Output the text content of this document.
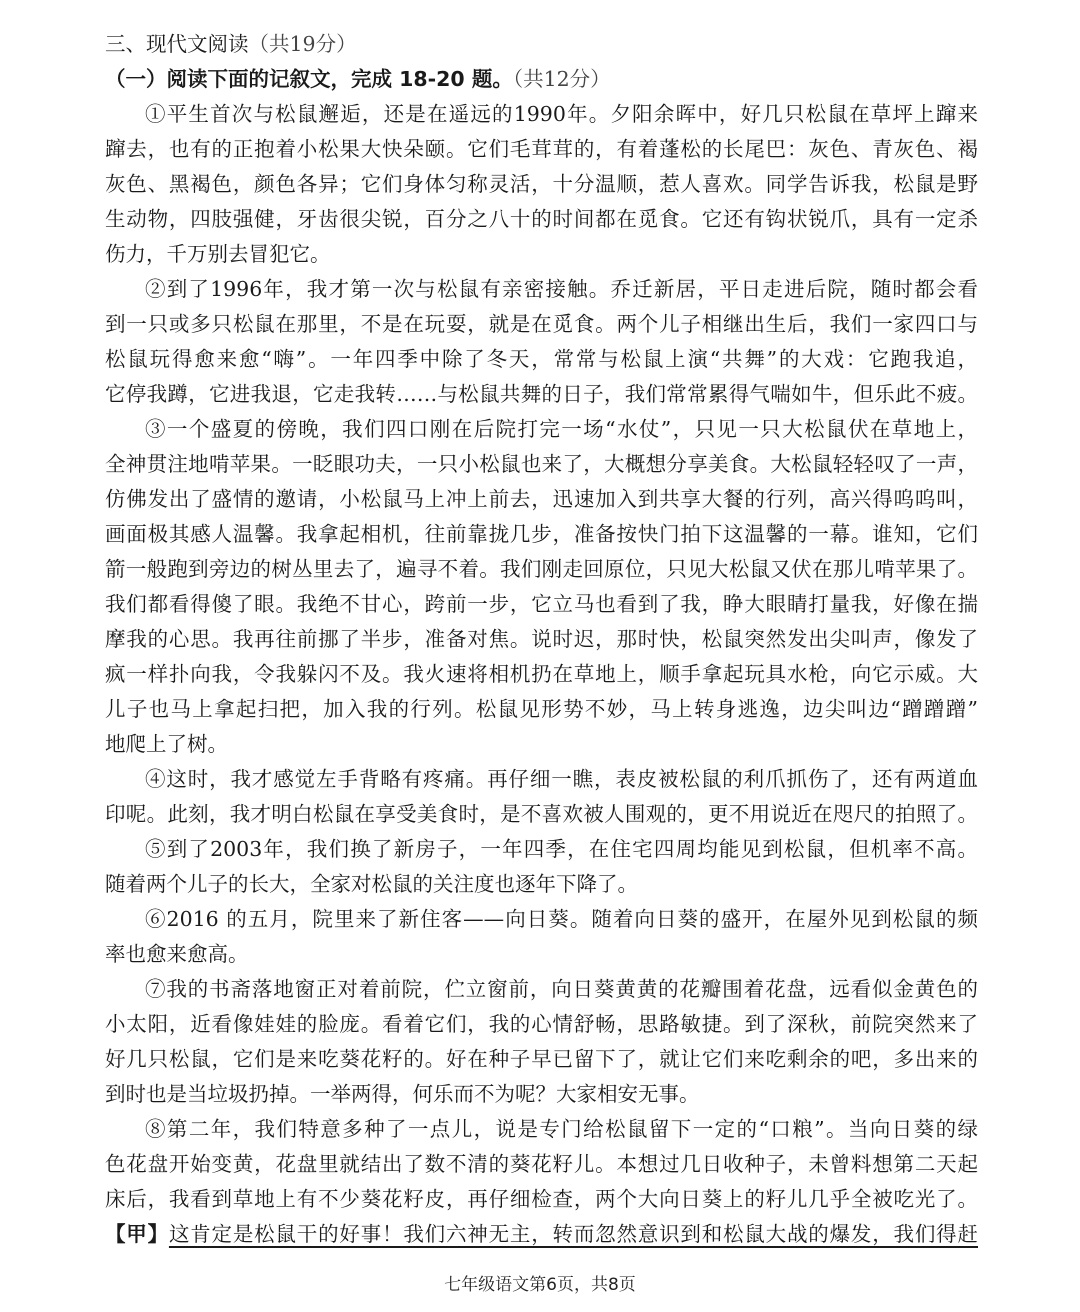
三、现代文阅读（共19分）
（一）阅读下面的记叙文，完成 18-20 题。（共12分）
①平生首次与松鼠邂逅，还是在遥远的1990年。夕阳余晖中，好几只松鼠在草坪上蹿来
蹿去，也有的正抱着小松果大快朵颐。它们毛茸茸的，有着蓬松的长尾巴：灰色、青灰色、褐
灰色、黑褐色，颜色各异；它们身体匀称灵活，十分温顺，惹人喜欢。同学告诉我，松鼠是野
生动物，四肢强健，牙齿很尖锐，百分之八十的时间都在觅食。它还有钩状锐爪，具有一定杀
伤力，千万别去冒犯它。
②到了1996年，我才第一次与松鼠有亲密接触。乔迁新居，平日走进后院，随时都会看
到一只或多只松鼠在那里，不是在玩耍，就是在觅食。两个儿子相继出生后，我们一家四口与
松鼠玩得愈来愈“嗨”。一年四季中除了冬天，常常与松鼠上演“共舞”的大戏：它跑我追，
它停我蹲，它进我退，它走我转……与松鼠共舞的日子，我们常常累得气喘如牛，但乐此不疲。
③一个盛夏的傍晚，我们四口刚在后院打完一场“水仗”，只见一只大松鼠伏在草地上，
全神贯注地啃苹果。一眨眼功夫，一只小松鼠也来了，大概想分享美食。大松鼠轻轻叹了一声，
仿佛发出了盛情的邀请，小松鼠马上冲上前去，迅速加入到共享大餐的行列，高兴得呜呜叫，
画面极其感人温馨。我拿起相机，往前靠拢几步，准备按快门拍下这温馨的一幕。谁知，它们
箭一般跑到旁边的树丛里去了，遍寻不着。我们刚走回原位，只见大松鼠又伏在那儿啃苹果了。
我们都看得傻了眼。我绝不甘心，跨前一步，它立马也看到了我，睁大眼睛打量我，好像在揣
摩我的心思。我再往前挪了半步，准备对焦。说时迟，那时快，松鼠突然发出尖叫声，像发了
疯一样扑向我，令我躲闪不及。我火速将相机扔在草地上，顺手拿起玩具水枪，向它示威。大
儿子也马上拿起扫把，加入我的行列。松鼠见形势不妙，马上转身逃逸，边尖叫边“蹭蹭蹭”
地爬上了树。
④这时，我才感觉左手背略有疼痛。再仔细一瞧，表皮被松鼠的利爪抓伤了，还有两道血
印呢。此刻，我才明白松鼠在享受美食时，是不喜欢被人围观的，更不用说近在咫尺的拍照了。
⑤到了2003年，我们换了新房子，一年四季，在住宅四周均能见到松鼠，但机率不高。
随着两个儿子的长大，全家对松鼠的关注度也逐年下降了。
⑥2016 的五月，院里来了新住客——向日葵。随着向日葵的盛开，在屋外见到松鼠的频
率也愈来愈高。
⑦我的书斋落地窗正对着前院，伫立窗前，向日葵黄黄的花瓣围着花盘，远看似金黄色的
小太阳，近看像娃娃的脸庞。看着它们，我的心情舒畅，思路敏捷。到了深秋，前院突然来了
好几只松鼠，它们是来吃葵花籽的。好在种子早已留下了，就让它们来吃剩余的吧，多出来的
到时也是当垃圾扔掉。一举两得，何乐而不为呢？大家相安无事。
⑧第二年，我们特意多种了一点儿，说是专门给松鼠留下一定的“口粮”。当向日葵的绿
色花盘开始变黄，花盘里就结出了数不清的葵花籽儿。本想过几日收种子，未曾料想第二天起
床后，我看到草地上有不少葵花籽皮，再仔细检查，两个大向日葵上的籽儿几乎全被吃光了。
【甲】这肯定是松鼠干的好事！我们六神无主，转而忽然意识到和松鼠大战的爆发，我们得赶
七年级语文第6页，共8页
